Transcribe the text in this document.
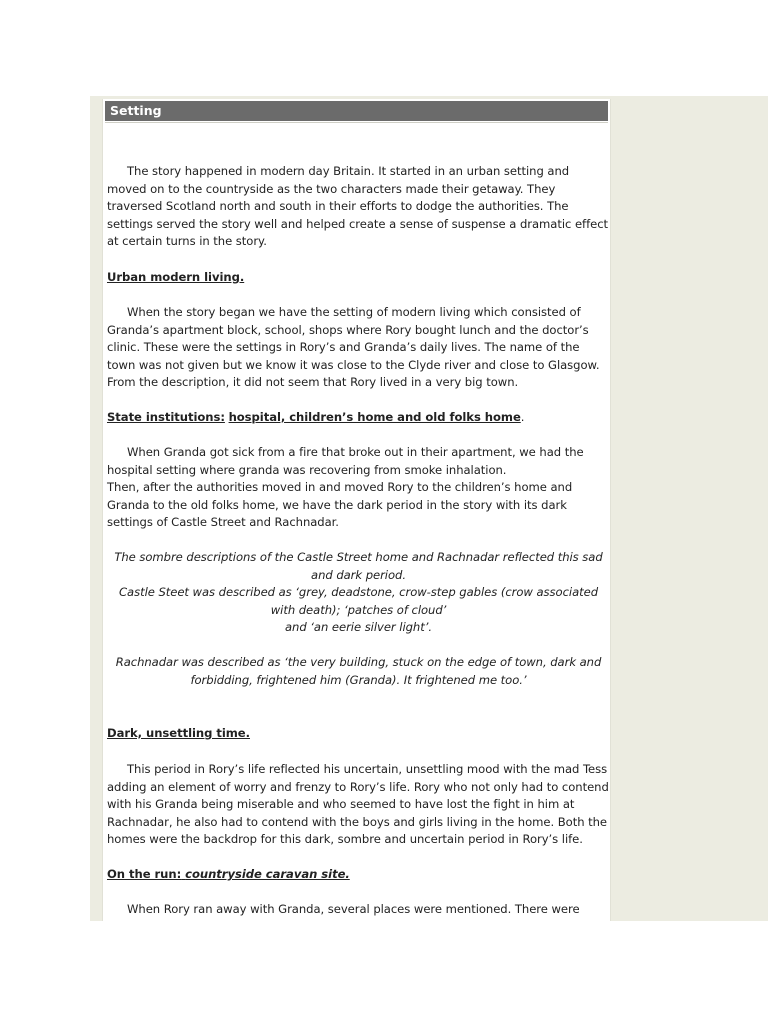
Setting

The story happened in modern day Britain. It started in an urban setting and moved on to the countryside as the two characters made their getaway. They traversed Scotland north and south in their efforts to dodge the authorities. The settings served the story well and helped create a sense of suspense a dramatic effect at certain turns in the story.

Urban modern living.

When the story began we have the setting of modern living which consisted of Granda’s apartment block, school, shops where Rory bought lunch and the doctor’s clinic. These were the settings in Rory’s and Granda’s daily lives. The name of the town was not given but we know it was close to the Clyde river and close to Glasgow. From the description, it did not seem that Rory lived in a very big town.

State institutions: hospital, children’s home and old folks home.

When Granda got sick from a fire that broke out in their apartment, we had the hospital setting where granda was recovering from smoke inhalation.

Then, after the authorities moved in and moved Rory to the children’s home and Granda to the old folks home, we have the dark period in the story with its dark settings of Castle Street and Rachnadar.

The sombre descriptions of the Castle Street home and Rachnadar reflected this sad and dark period.

Castle Steet was described as ‘grey, deadstone, crow-step gables (crow associated with death); ‘patches of cloud’

and ‘an eerie silver light’.

Rachnadar was described as ‘the very building, stuck on the edge of town, dark and forbidding, frightened him (Granda). It frightened me too.’

Dark, unsettling time.

This period in Rory’s life reflected his uncertain, unsettling mood with the mad Tess adding an element of worry and frenzy to Rory’s life. Rory who not only had to contend with his Granda being miserable and who seemed to have lost the fight in him at Rachnadar, he also had to contend with the boys and girls living in the home. Both the homes were the backdrop for this dark, sombre and uncertain period in Rory’s life.

On the run: countryside caravan site.

When Rory ran away with Granda, several places were mentioned. There were
